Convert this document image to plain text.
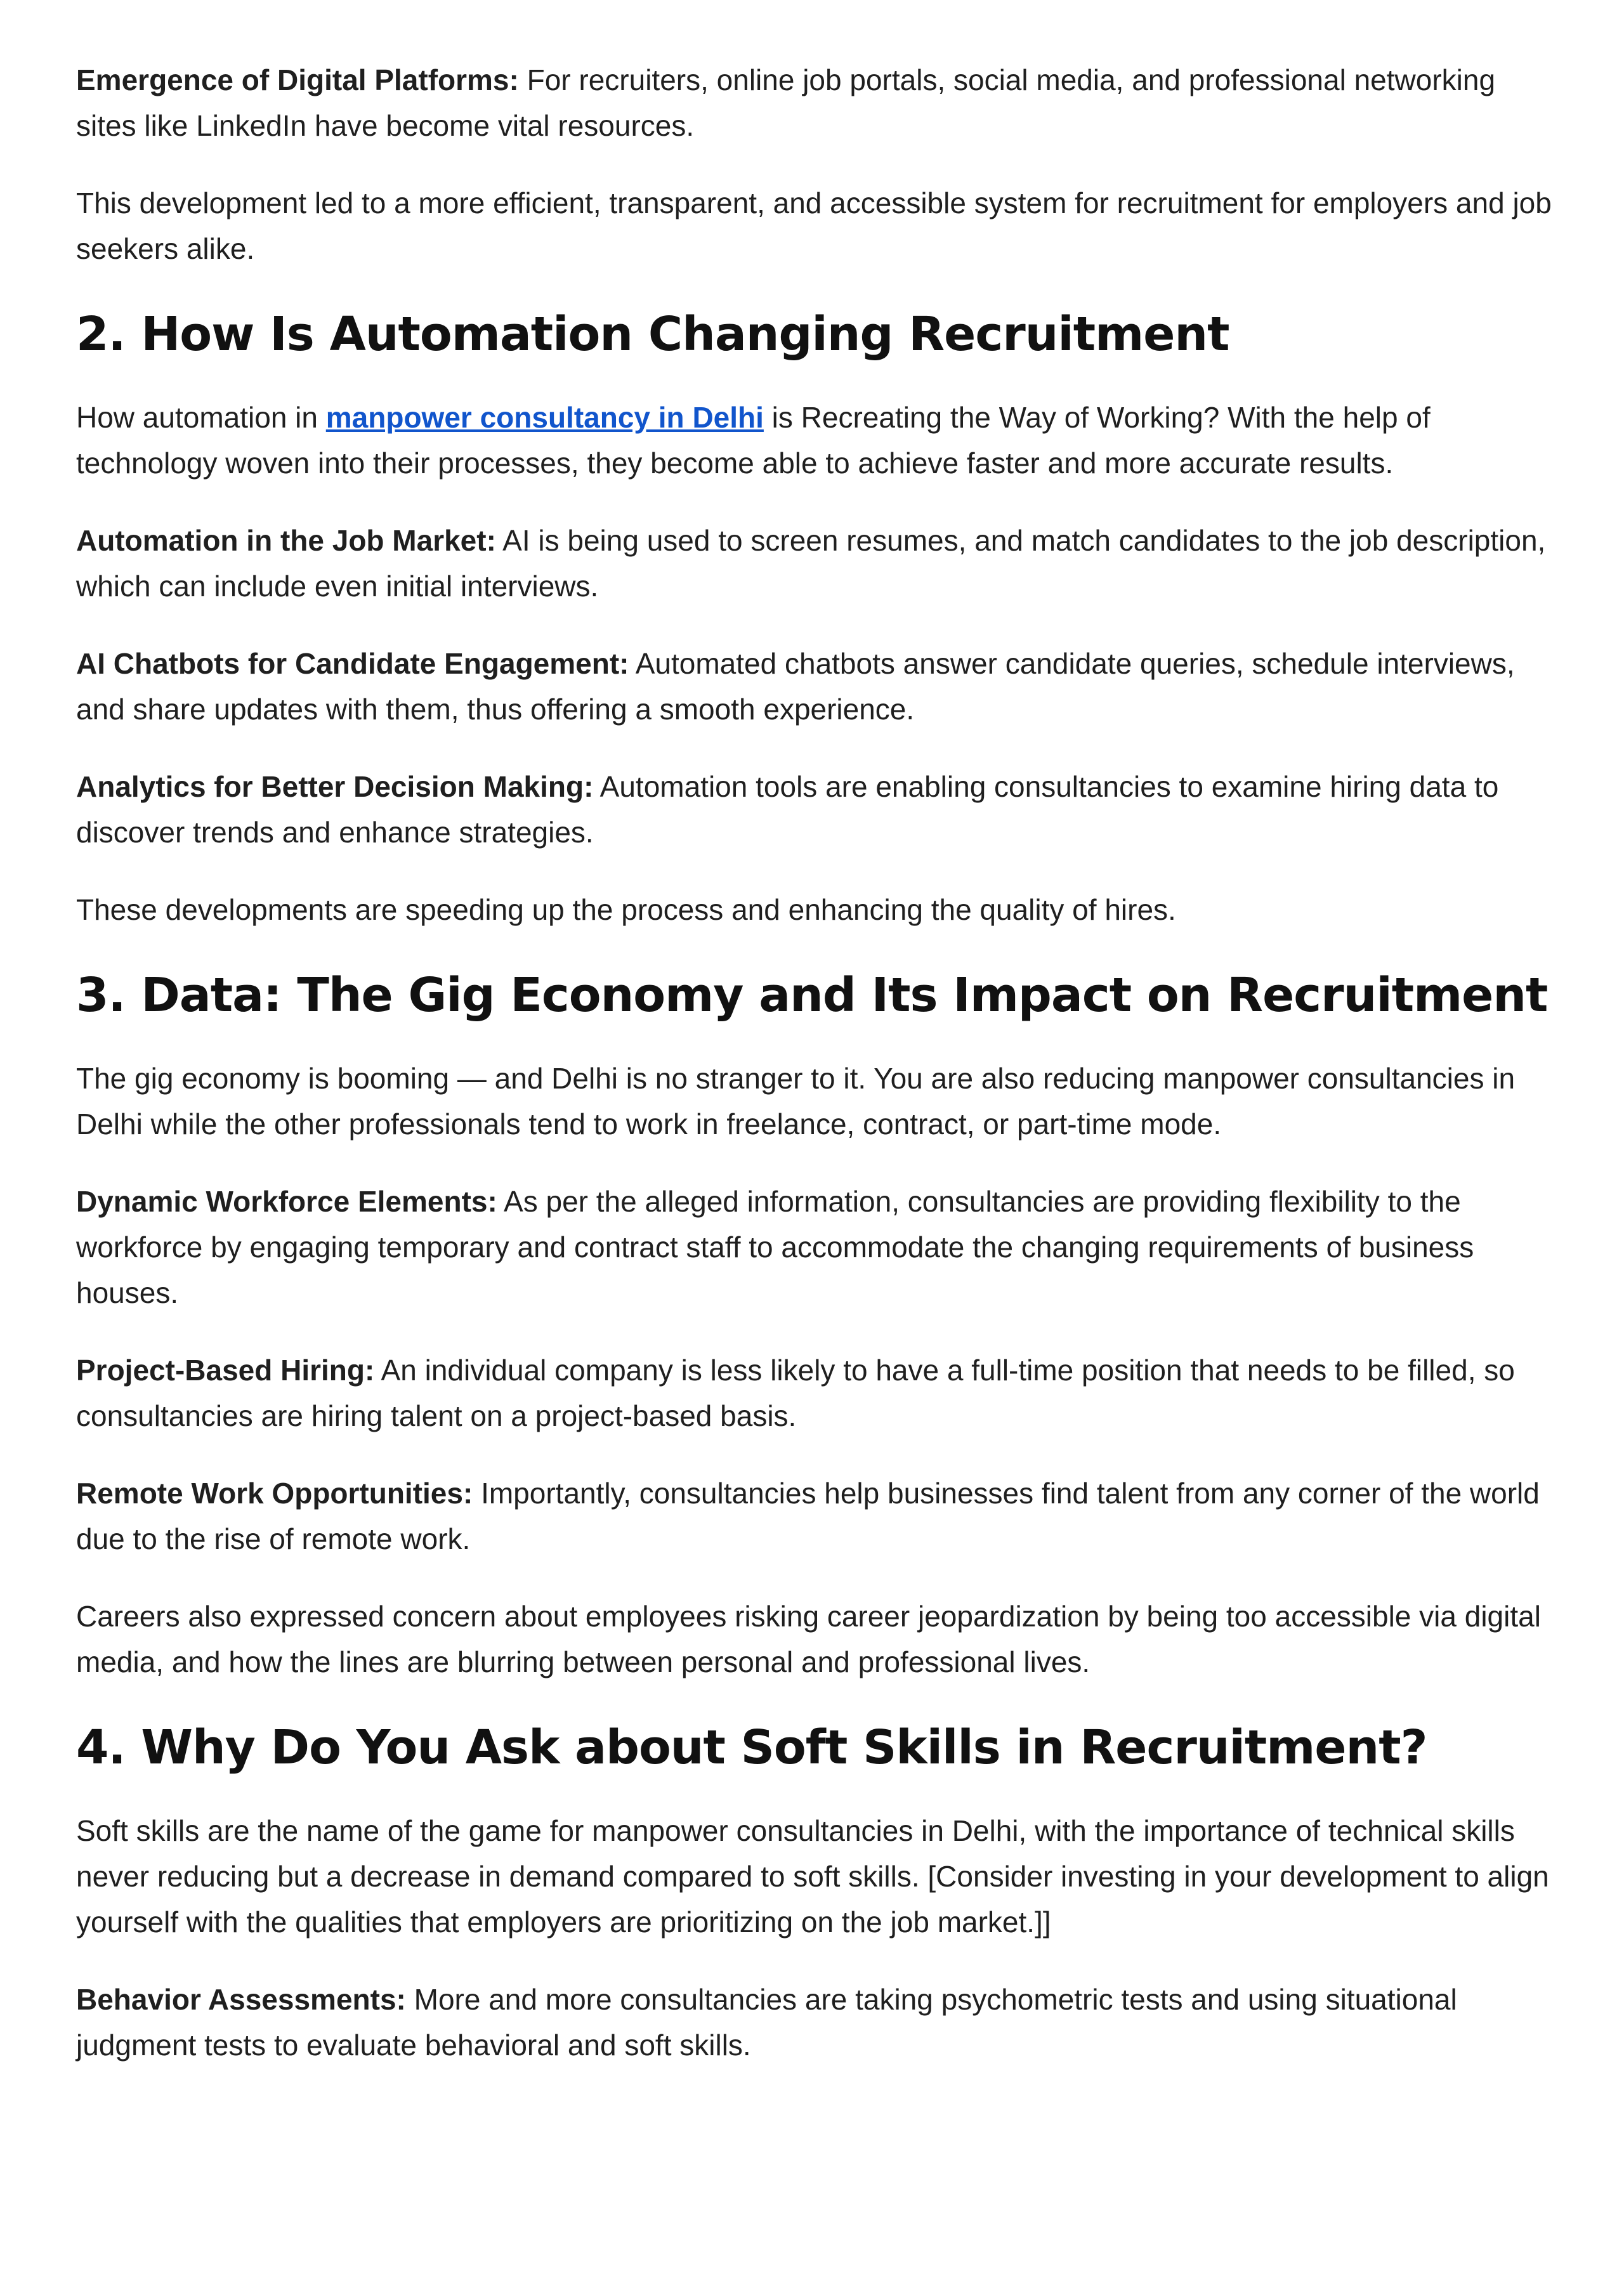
Emergence of Digital Platforms: For recruiters, online job portals, social media, and professional networking sites like LinkedIn have become vital resources.

This development led to a more efficient, transparent, and accessible system for recruitment for employers and job seekers alike.

2. How Is Automation Changing Recruitment

How automation in manpower consultancy in Delhi is Recreating the Way of Working? With the help of technology woven into their processes, they become able to achieve faster and more accurate results.

Automation in the Job Market: AI is being used to screen resumes, and match candidates to the job description, which can include even initial interviews.

AI Chatbots for Candidate Engagement: Automated chatbots answer candidate queries, schedule interviews, and share updates with them, thus offering a smooth experience.

Analytics for Better Decision Making: Automation tools are enabling consultancies to examine hiring data to discover trends and enhance strategies.

These developments are speeding up the process and enhancing the quality of hires.

3. Data: The Gig Economy and Its Impact on Recruitment

The gig economy is booming — and Delhi is no stranger to it. You are also reducing manpower consultancies in Delhi while the other professionals tend to work in freelance, contract, or part-time mode.

Dynamic Workforce Elements: As per the alleged information, consultancies are providing flexibility to the workforce by engaging temporary and contract staff to accommodate the changing requirements of business houses.

Project-Based Hiring: An individual company is less likely to have a full-time position that needs to be filled, so consultancies are hiring talent on a project-based basis.

Remote Work Opportunities: Importantly, consultancies help businesses find talent from any corner of the world due to the rise of remote work.

Careers also expressed concern about employees risking career jeopardization by being too accessible via digital media, and how the lines are blurring between personal and professional lives.

4. Why Do You Ask about Soft Skills in Recruitment?

Soft skills are the name of the game for manpower consultancies in Delhi, with the importance of technical skills never reducing but a decrease in demand compared to soft skills. [Consider investing in your development to align yourself with the qualities that employers are prioritizing on the job market.]]

Behavior Assessments: More and more consultancies are taking psychometric tests and using situational judgment tests to evaluate behavioral and soft skills.
